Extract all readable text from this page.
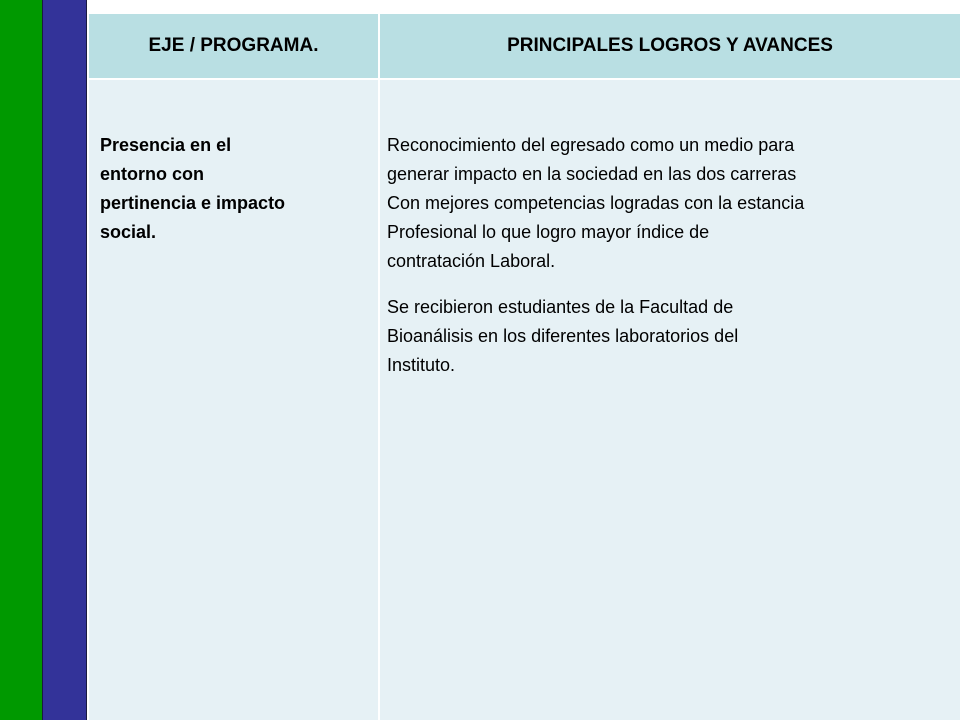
EJE / PROGRAMA.	PRINCIPALES LOGROS Y AVANCES

Presencia en el
entorno con
pertinencia e impacto
social.

Reconocimiento del egresado como un medio para
generar impacto en la sociedad en las dos carreras
Con mejores competencias logradas con la estancia
Profesional lo que logro mayor índice de
contratación Laboral.

Se recibieron estudiantes de la Facultad de
Bioanálisis en los diferentes laboratorios del
Instituto.
